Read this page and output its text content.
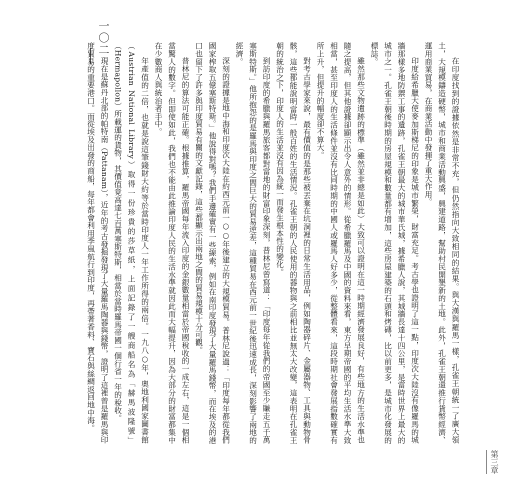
一〇二

在印度找到的證據依然是非常不充，但仍然指向大致相同的結果。與大漢與羅馬一樣，孔雀王朝統一了廣大領土，大規模鑄造硬幣，城市和商業活動興盛，興建道路，幫助村民開墾新的土地。此外，孔雀王朝還推行貨幣經濟、運用商業貿易，在商業活動中發揮了重大作用。

印度給希臘大使麥加斯梯尼的印象是城市繁榮，財富充足。考古學也證明了這一點，印度次大陸沒有像羅馬的城牆那樣多地防禦工事的遺跡，孔雀王朝最大的城市華氏城，據希臘人說，其城牆長達十四公里，是當時世界上最大的城市之一。孔雀王朝後時期的房屋規模和數量都有增加，這些房屋建築的石頭和烤磚，比以前更多，是城市化發展的標誌。

雖然那些文物遺跡的標準（雖然並非總是如此）大致可以證明在這一時期經濟發展良好，有些地方的生活水準也隨之提高，但其他證據卻顯示出令人意外的情形。從希臘羅馬及中國的資料來看，東方早期帝國的平均生活水準大致相當，甚至印度人的生活條件並沒有比同時期的中國人或羅馬人好多少，從整體看來，這段時期社會發展指數確實有所上升，但提升的幅度卻不算大。

對考古學家來說，最有價值的是那些被丟棄在坑洞裡的日常生活用品，例如陶器碎片、金屬器物、工具與動物骨骸，這些都能說明當時一般百姓的生活情況。孔雀王朝的人民使用的器物與之前相比並無太大改變，這表明在孔雀王朝的統治之下，印度人的生活並沒有因為統一而發生根本性的變化。

到訪印度的希臘與羅馬旅客都對當地的財富印象深刻，普林尼曾寫道：「印度每年從我們的帝國至少賺走五千萬塞斯特斯。」他所抱怨的是羅馬與印度之間巨大的貿易逆差，這種貿易在西元前一世紀後迅速成長，深刻影響了兩地的經濟。

深刻的證據是地中海和印度次大陸在約西元前一○○年後建立的大規模貿易。普林尼說過：「印度每年都從我們國家榨取五億塞斯特斯。」他說得對嗎？我們手邊確實有一些線索，例如在南印度發現了大量羅馬錢幣，而在埃及的港口也留下了許多與印度貿易有關的文獻記錄，這些都顯示出兩地之間的貿易規模十分可觀。

普林尼的算法可能正確。根據推算，羅馬帝國每年流入印度的金銀數量相當於帝國稅收的一成左右，這是一個相當驚人的數字。但即使如此，我們也不能由此推論印度人民的生活水準就因此而大幅提升，因為大部分的財富都集中在少數商人與統治者手中。

年產值的二倍，也就是說這筆錢財大約等於當時印度人一年工作所得的兩倍。一九八○年，奧地利國家圖書館（Austrian National Library）取得一份珍貴的莎草紙，上面記錄了一艘商船名為「赫馬波隆號」（Hermapollon）所載運的貨物，其價值竟高達七百萬塞斯特斯，相當於當時羅馬帝國一個行省一年的稅收。

現在是蘇丹北部的帕特南（Pattanam），近年的考古發掘發現了大量羅馬陶器與錢幣，證明了這裡曾是羅馬與印度貿易的重要港口。而從埃及出發的商船，每年都會利用季風航行到印度，再帶著香料、寶石與絲綢返回地中海。

第三章
